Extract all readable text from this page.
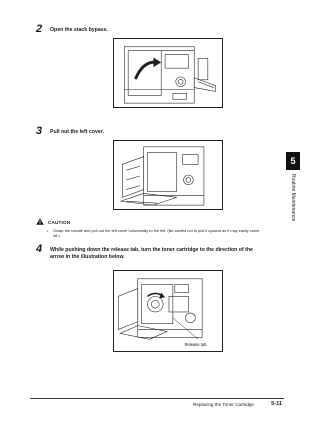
2 Open the stack bypass.
3 Pull out the left cover.
CAUTION
•	Grasp the handle and pull out the left cover horizontally to the left. (Be careful not to pull it upward as it may easily come off.)
4 While pushing down the release tab, turn the toner cartridge to the direction of the arrow in the illustration below.
Release tab
5
Routine Maintenance
Replacing the Toner Cartridge	5-11
